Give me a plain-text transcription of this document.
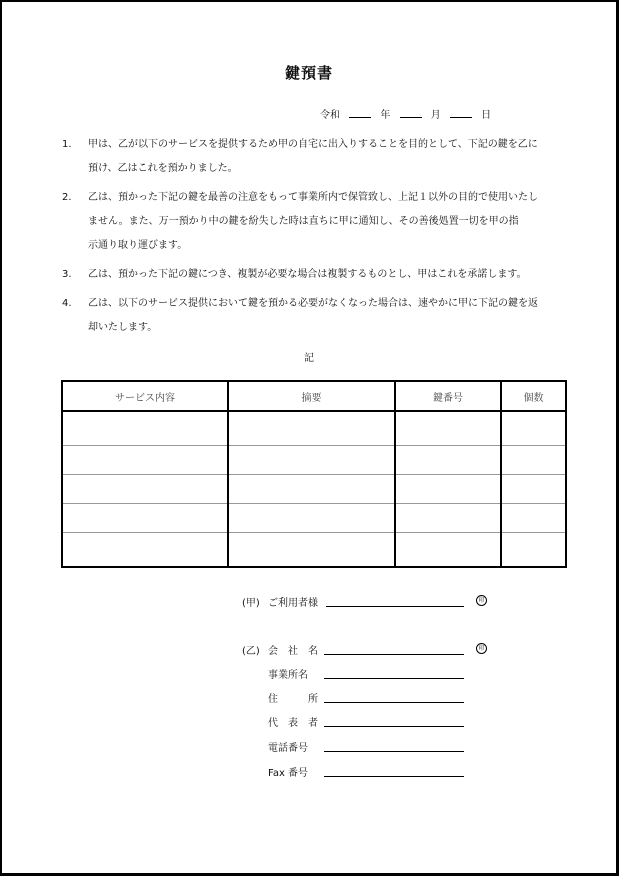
鍵預書
令和	年	月	日
1. 甲は、乙が以下のサービスを提供するため甲の自宅に出入りすることを目的として、下記の鍵を乙に
預け、乙はこれを預かりました。
2. 乙は、預かった下記の鍵を最善の注意をもって事業所内で保管致し、上記１以外の目的で使用いたし
ません。また、万一預かり中の鍵を紛失した時は直ちに甲に通知し、その善後処置一切を甲の指
示通り取り運びます。
3. 乙は、預かった下記の鍵につき、複製が必要な場合は複製するものとし、甲はこれを承諾します。
4. 乙は、以下のサービス提供において鍵を預かる必要がなくなった場合は、速やかに甲に下記の鍵を返
却いたします。
記
サービス内容	摘要	鍵番号	個数

(甲) ご利用者様	印
(乙) 会　社　名	印
事業所名
住　　　所
代　表　者
電話番号
Fax 番号
